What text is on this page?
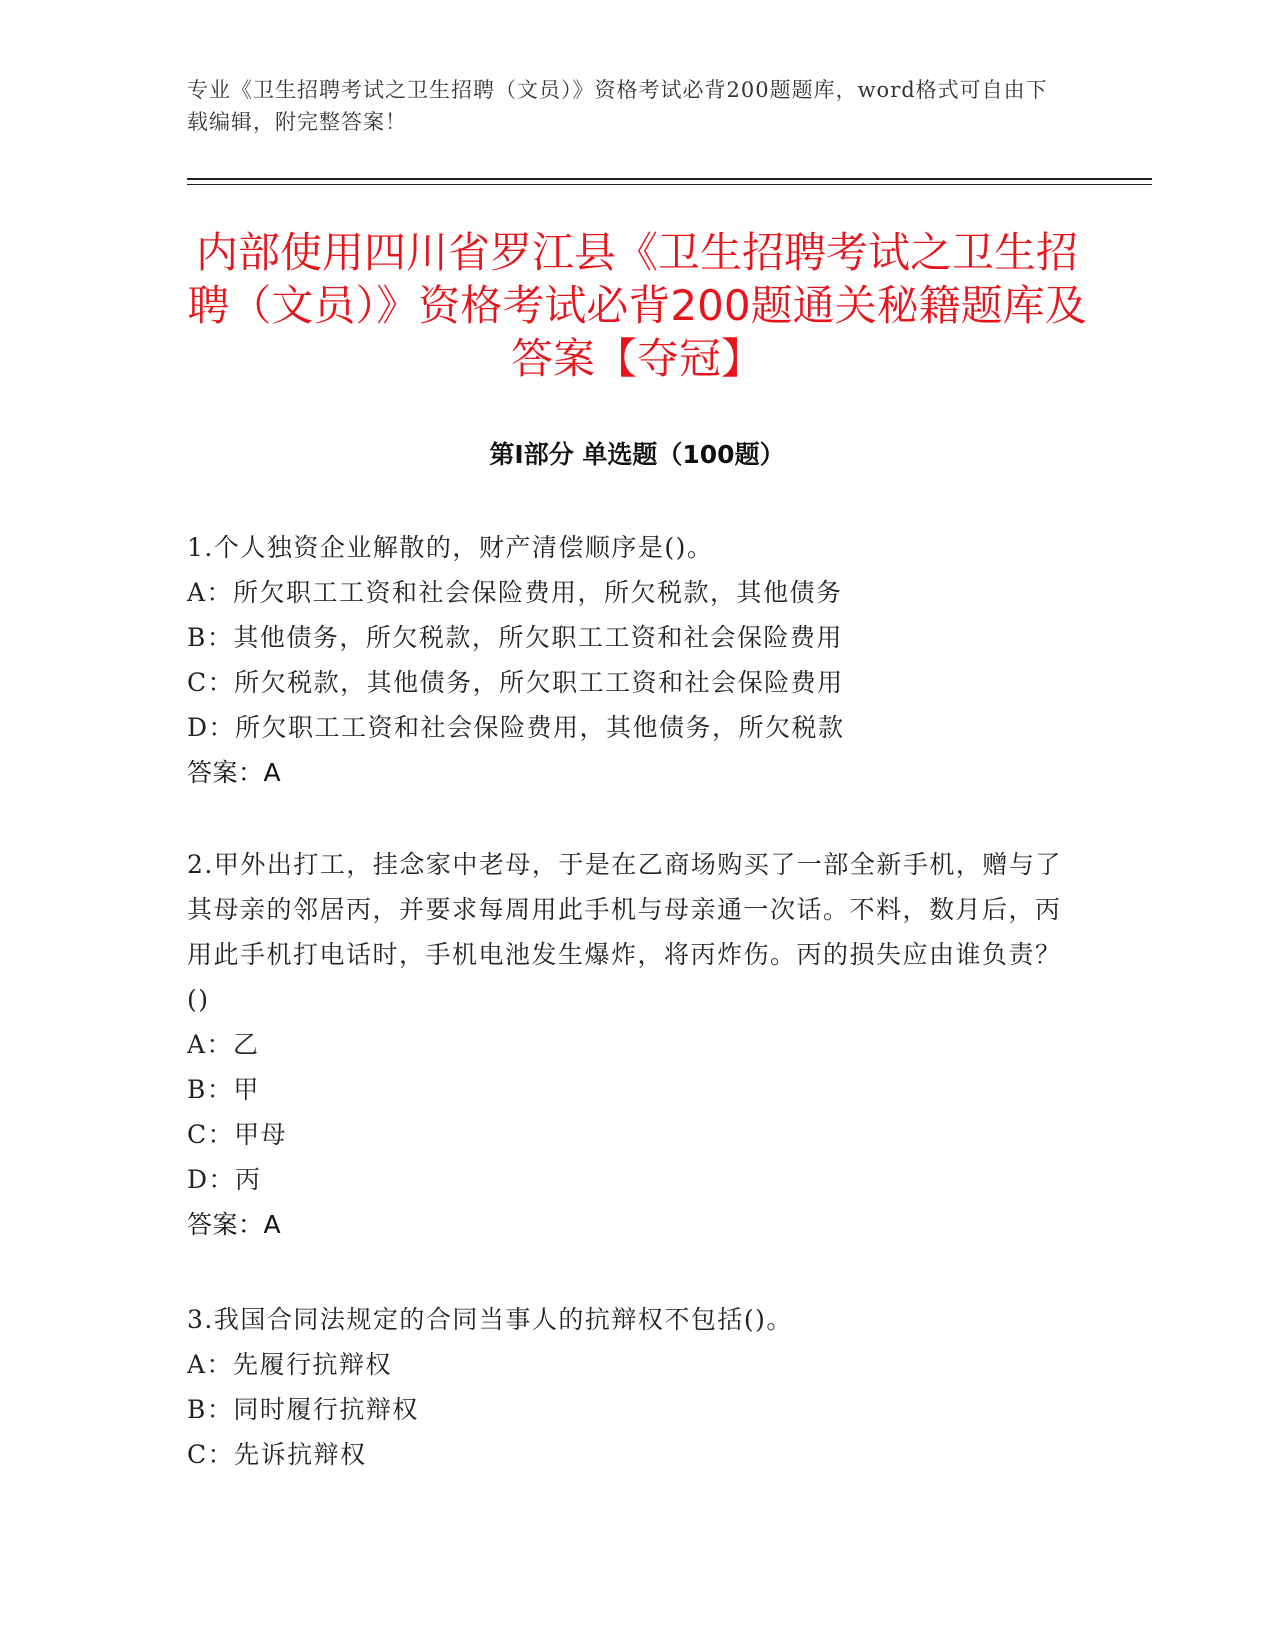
专业《卫生招聘考试之卫生招聘（文员）》资格考试必背200题题库，word格式可自由下载编辑，附完整答案！
内部使用四川省罗江县《卫生招聘考试之卫生招聘（文员）》资格考试必背200题通关秘籍题库及答案【夺冠】
第I部分 单选题（100题）

1.个人独资企业解散的，财产清偿顺序是()。

A：所欠职工工资和社会保险费用，所欠税款，其他债务

B：其他债务，所欠税款，所欠职工工资和社会保险费用

C：所欠税款，其他债务，所欠职工工资和社会保险费用

D：所欠职工工资和社会保险费用，其他债务，所欠税款

答案：A

2.甲外出打工，挂念家中老母，于是在乙商场购买了一部全新手机，赠与了其母亲的邻居丙，并要求每周用此手机与母亲通一次话。不料，数月后，丙用此手机打电话时，手机电池发生爆炸，将丙炸伤。丙的损失应由谁负责？()

A：乙

B：甲

C：甲母

D：丙

答案：A

3.我国合同法规定的合同当事人的抗辩权不包括()。

A：先履行抗辩权

B：同时履行抗辩权

C：先诉抗辩权
